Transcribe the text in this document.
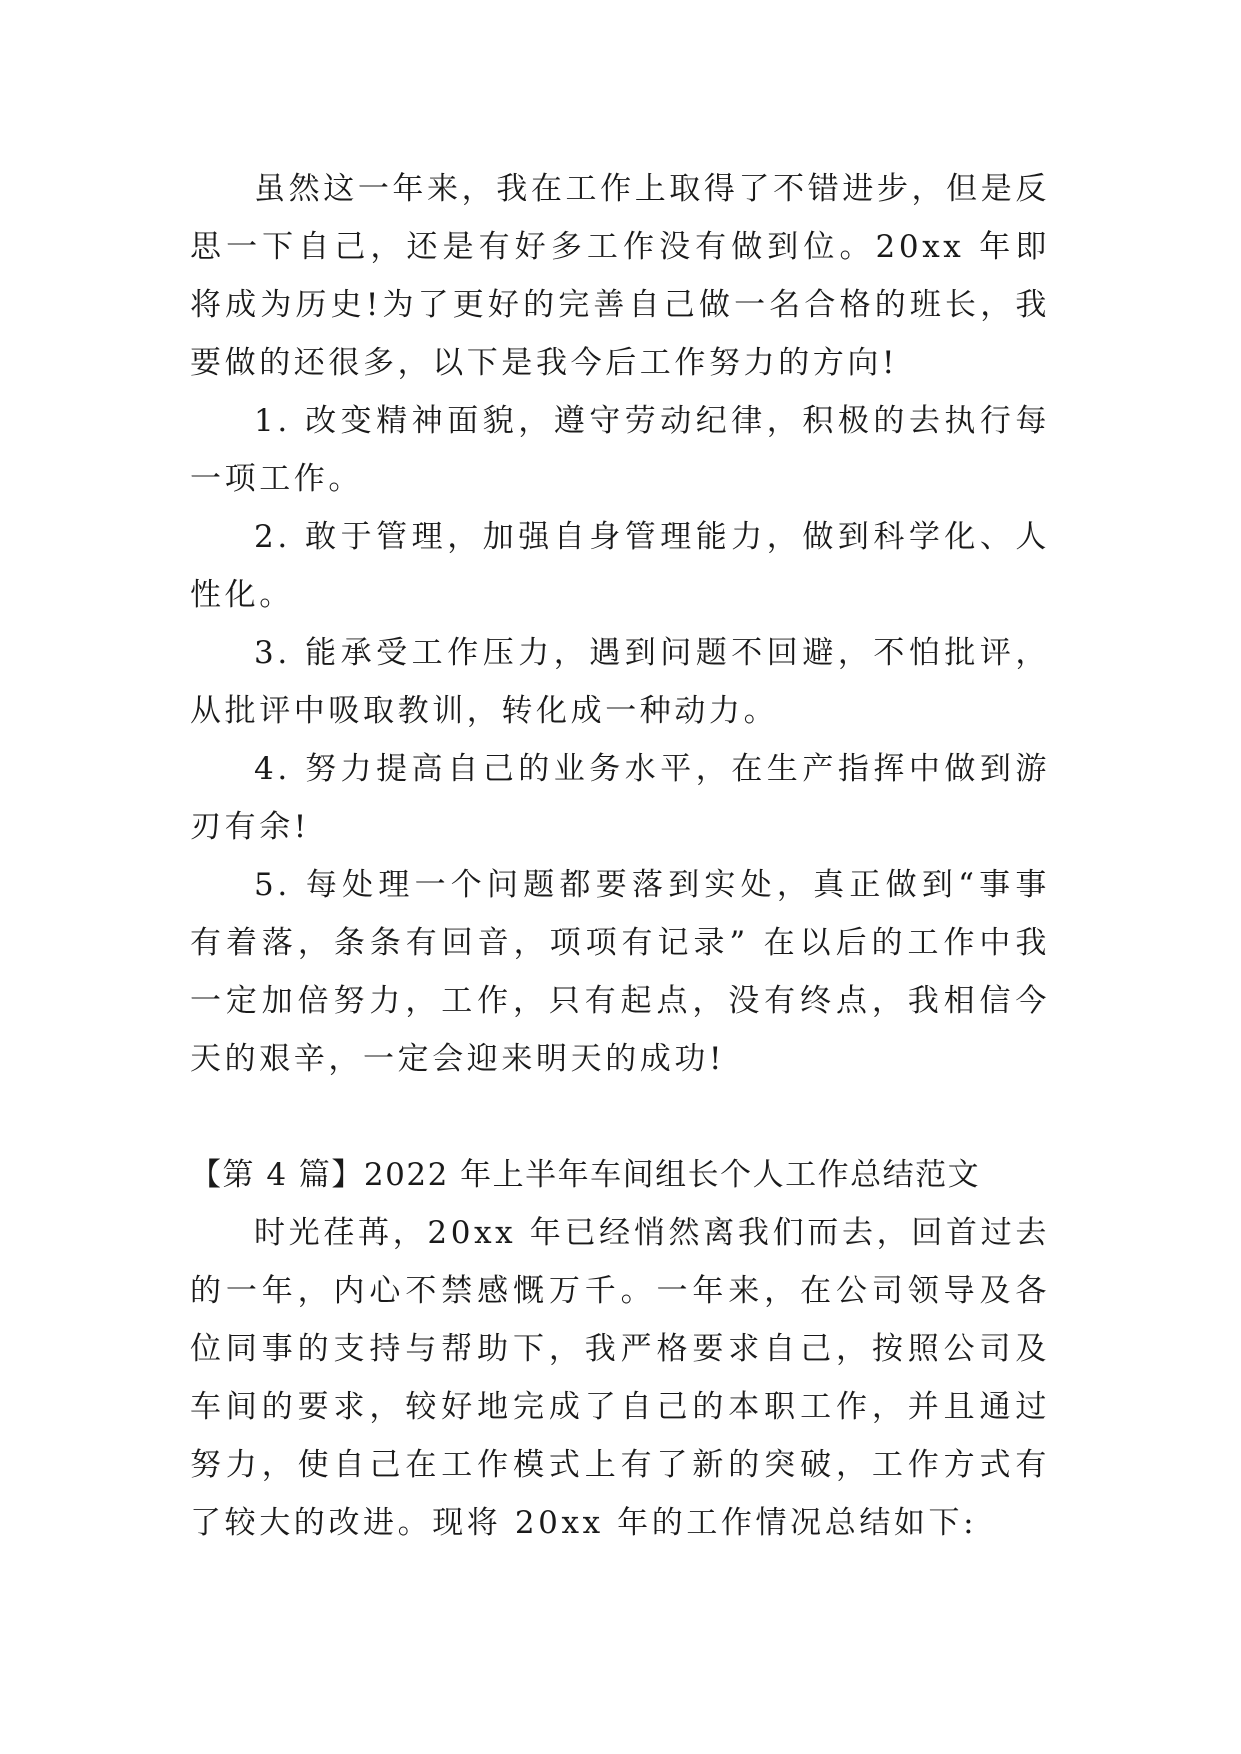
虽然这一年来，我在工作上取得了不错进步，但是反思一下自己，还是有好多工作没有做到位。20xx 年即将成为历史!为了更好的完善自己做一名合格的班长，我要做的还很多，以下是我今后工作努力的方向!

1. 改变精神面貌，遵守劳动纪律，积极的去执行每一项工作。

2. 敢于管理，加强自身管理能力，做到科学化、人性化。

3. 能承受工作压力，遇到问题不回避，不怕批评，从批评中吸取教训，转化成一种动力。

4. 努力提高自己的业务水平，在生产指挥中做到游刃有余!

5. 每处理一个问题都要落到实处，真正做到“事事有着落，条条有回音，项项有记录” 在以后的工作中我一定加倍努力，工作，只有起点，没有终点，我相信今天的艰辛，一定会迎来明天的成功!

【第 4 篇】2022 年上半年车间组长个人工作总结范文

时光荏苒，20xx 年已经悄然离我们而去，回首过去的一年，内心不禁感慨万千。一年来，在公司领导及各位同事的支持与帮助下，我严格要求自己，按照公司及车间的要求，较好地完成了自己的本职工作，并且通过努力，使自己在工作模式上有了新的突破，工作方式有了较大的改进。现将 20xx 年的工作情况总结如下:
